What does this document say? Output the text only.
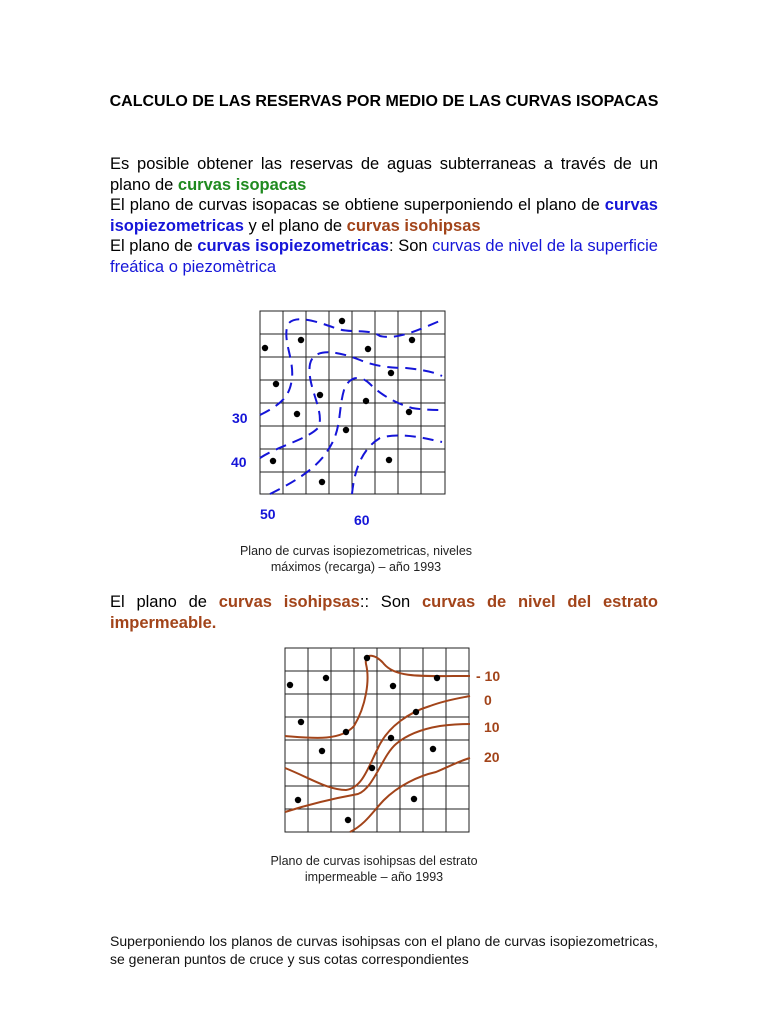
CALCULO DE LAS RESERVAS POR MEDIO DE LAS CURVAS ISOPACAS
Es posible obtener las reservas de aguas subterraneas a través de un plano de curvas isopacas
El plano de curvas isopacas se obtiene superponiendo el plano de curvas isopiezometricas y el plano de curvas isohipsas
El plano de curvas isopiezometricas: Son curvas de nivel de la superficie freática o piezomètrica
30
40
50	60
Plano de curvas isopiezometricas, niveles
máximos (recarga) – año 1993
El plano de curvas isohipsas:: Son curvas de nivel del estrato impermeable.
- 10
0
10
20
Plano de curvas isohipsas del estrato
impermeable – año 1993
Superponiendo los planos de curvas isohipsas con el plano de curvas isopiezometricas, se generan puntos de cruce y sus cotas correspondientes
